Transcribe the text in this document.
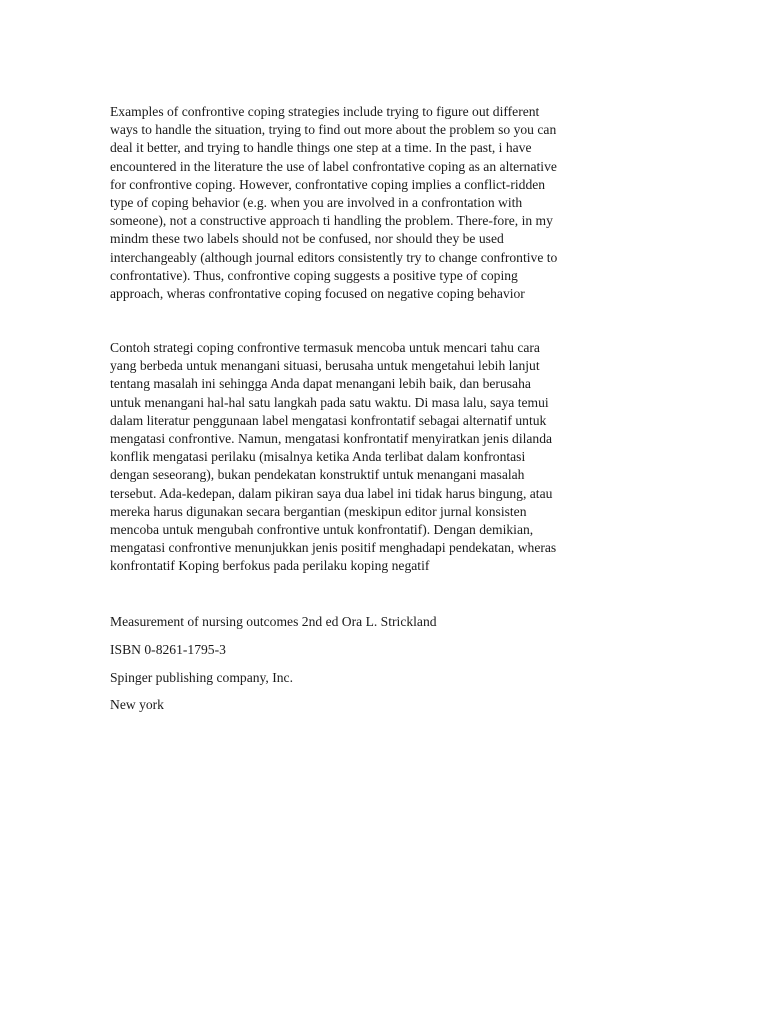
Examples of confrontive coping strategies include trying to figure out different
ways to handle the situation, trying to find out more about the problem so you can
deal it better, and trying to handle things one step at a time. In the past, i have
encountered in the literature the use of label confrontative coping as an alternative
for confrontive coping. However, confrontative coping implies a conflict-ridden
type of coping behavior (e.g. when you are involved in a confrontation with
someone), not a constructive approach ti handling the problem. There-fore, in my
mindm these two labels should not be confused, nor should they be used
interchangeably (although journal editors consistently try to change confrontive to
confrontative). Thus, confrontive coping suggests a positive type of coping
approach, wheras confrontative coping focused on negative coping behavior

Contoh strategi coping confrontive termasuk mencoba untuk mencari tahu cara
yang berbeda untuk menangani situasi, berusaha untuk mengetahui lebih lanjut
tentang masalah ini sehingga Anda dapat menangani lebih baik, dan berusaha
untuk menangani hal-hal satu langkah pada satu waktu. Di masa lalu, saya temui
dalam literatur penggunaan label mengatasi konfrontatif sebagai alternatif untuk
mengatasi confrontive. Namun, mengatasi konfrontatif menyiratkan jenis dilanda
konflik mengatasi perilaku (misalnya ketika Anda terlibat dalam konfrontasi
dengan seseorang), bukan pendekatan konstruktif untuk menangani masalah
tersebut. Ada-kedepan, dalam pikiran saya dua label ini tidak harus bingung, atau
mereka harus digunakan secara bergantian (meskipun editor jurnal konsisten
mencoba untuk mengubah confrontive untuk konfrontatif). Dengan demikian,
mengatasi confrontive menunjukkan jenis positif menghadapi pendekatan, wheras
konfrontatif Koping berfokus pada perilaku koping negatif

Measurement of nursing outcomes 2nd ed Ora L. Strickland

ISBN 0-8261-1795-3

Spinger publishing company, Inc.

New york
